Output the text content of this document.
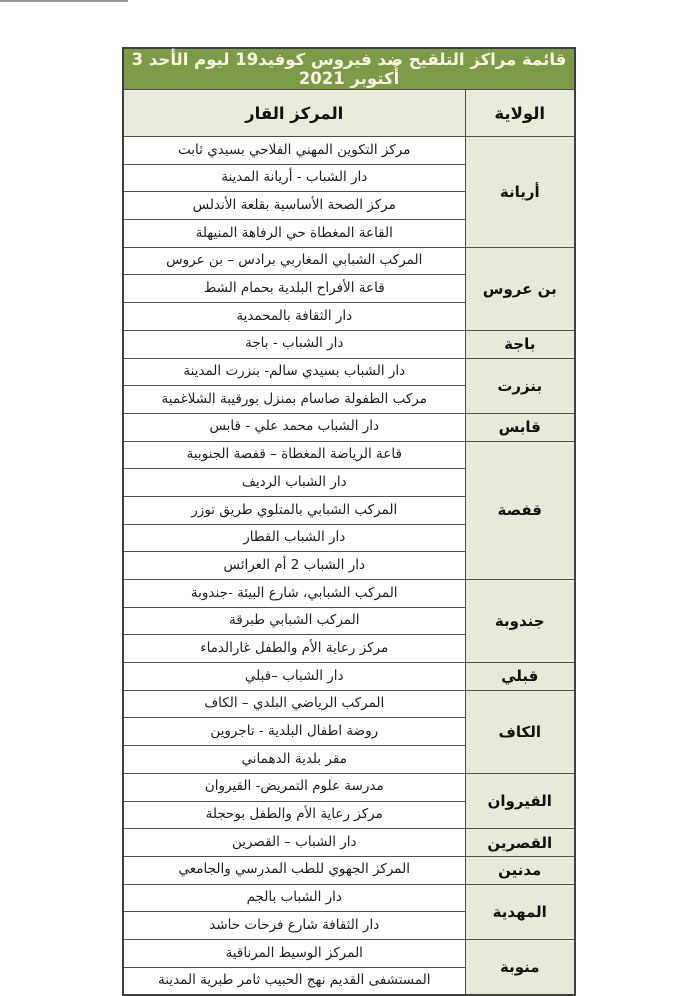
قائمة مراكز التلقيح ضد فيروس كوفيد19 ليوم الأحد 3 أُكتوبر 2021	
الولاية	المركز القار
أريانة	مركز التكوين المهني الفلاحي بسيدي ثابت
	دار الشباب - أريانة المدينة
	مركز الصحة الأساسية بقلعة الأندلس
	القاعة المغطاة حي الرفاهة المنيهلة
بن عروس	المركب الشبابي المغاربي برادس – بن عروس
	قاعة الأفراح البلدية بحمام الشط
	دار الثقافة بالمحمدية
باجة	دار الشباب - باجة
بنزرت	دار الشباب بسيدي سالم- بنزرت المدينة
	مركب الطفولة صاسام بمنزل بورقيبة الشلاغمية
قابس	دار الشباب محمد علي - قابس
قفصة	قاعة الرياضة المغطاة – قفصة الجنوبية
	دار الشباب الرديف
	المركب الشبابي بالمتلوي طريق توزر
	دار الشباب القطار
	دار الشباب 2 أم العرائس
جندوبة	المركب الشبابي، شارع البيئة -جندوبة
	المركب الشبابي طبرقة
	مركز رعاية الأم والطفل غارالدماء
قبلي	دار الشباب –قبلي
الكاف	المركب الرياضي البلدي – الكاف
	روضة اطفال البلدية - تاجروين
	مقر بلدية الدهماني
القيروان	مدرسة علوم التمريض- القيروان
	مركز رعاية الأم والطفل بوحجلة
القصرين	دار الشباب – القصرين
مدنين	المركز الجهوي للطب المدرسي والجامعي
المهدية	دار الشباب بالجم
	دار الثقافة شارع فرحات حاشد
منوبة	المركز الوسيط المرناقية
	المستشفى القديم نهج الحبيب ثامر طبرية المدينة
